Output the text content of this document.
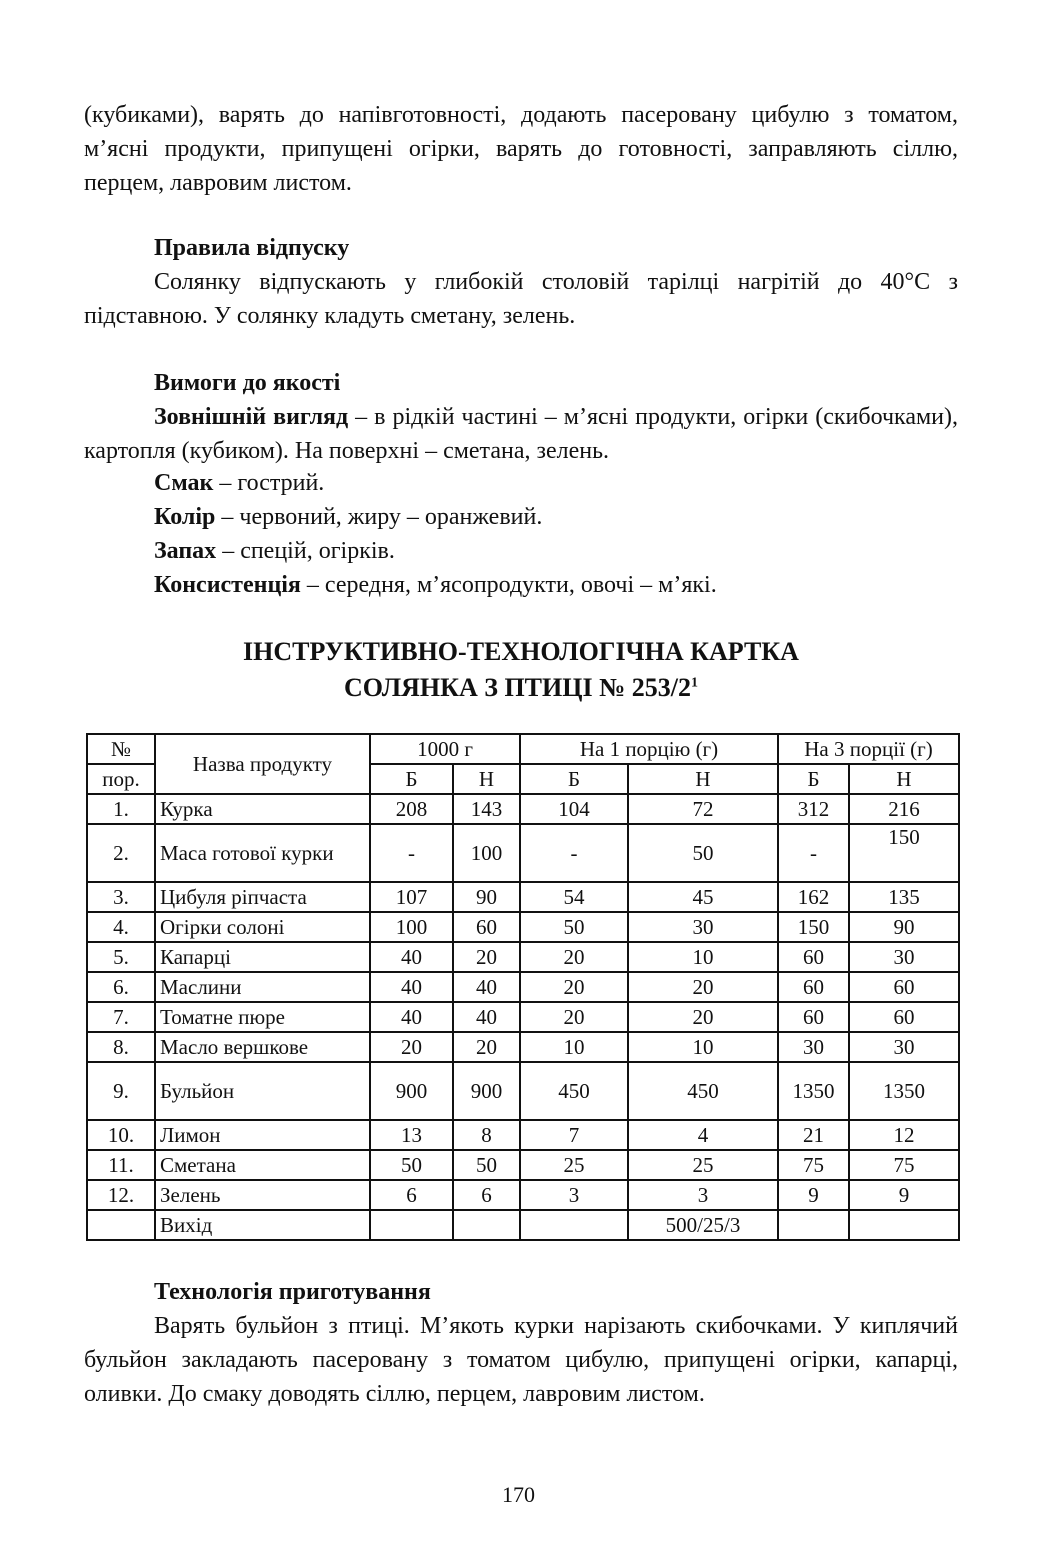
(кубиками), варять до напівготовності, додають пасеровану цибулю з томатом, м’ясні продукти, припущені огірки, варять до готовності, заправляють сіллю, перцем, лавровим листом.
Правила відпуску
Солянку відпускають у глибокій столовій тарілці нагрітій до 40°С з підставною. У солянку кладуть сметану, зелень.
Вимоги до якості
Зовнішній вигляд – в рідкій частині – м’ясні продукти, огірки (скибочками), картопля (кубиком). На поверхні – сметана, зелень.
Смак – гострий.
Колір – червоний, жиру – оранжевий.
Запах – спецій, огірків.
Консистенція – середня, м’ясопродукти, овочі – м’які.
ІНСТРУКТИВНО-ТЕХНОЛОГІЧНА КАРТКА
СОЛЯНКА З ПТИЦІ № $253/2^1$
№	Назва продукту	1000 г		На 1 порцію (г)		На 3 порції (г)	
пор.		Б	Н	Б	Н	Б	Н
1.	Курка	208	143	104	72	312	216
2.	Маса готової курки	-	100	-	50	-	150
3.	Цибуля ріпчаста	107	90	54	45	162	135
4.	Огірки солоні	100	60	50	30	150	90
5.	Капарці	40	20	20	10	60	30
6.	Маслини	40	40	20	20	60	60
7.	Томатне пюре	40	40	20	20	60	60
8.	Масло вершкове	20	20	10	10	30	30
9.	Бульйон	900	900	450	450	1350	1350
10.	Лимон	13	8	7	4	21	12
11.	Сметана	50	50	25	25	75	75
12.	Зелень	6	6	3	3	9	9
	Вихід				500/25/3		
Технологія приготування
Варять бульйон з птиці. М’якоть курки нарізають скибочками. У киплячий бульйон закладають пасеровану з томатом цибулю, припущені огірки, капарці, оливки. До смаку доводять сіллю, перцем, лавровим листом.
170
